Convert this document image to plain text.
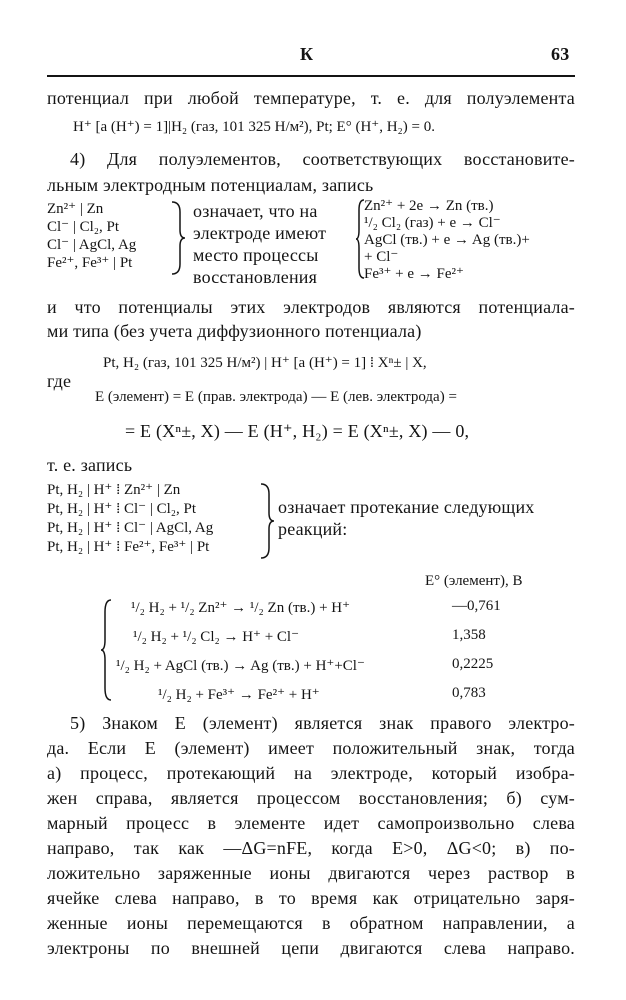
К	63
потенциал при любой температуре, т. е. для полуэлемента
H⁺ [a (H⁺) = 1]|H₂ (газ, 101 325 Н/м²), Pt; E° (H⁺, H₂) = 0.
4) Для полуэлементов, соответствующих восстановите-
льным электродным потенциалам, запись
Zn²⁺ | Zn
Cl⁻ | Cl₂, Pt
Cl⁻ | AgCl, Ag
Fe²⁺, Fe³⁺ | Pt
означает, что на
электроде имеют
место процессы
восстановления
Zn²⁺ + 2e → Zn (тв.)
¹/₂ Cl₂ (газ) + e → Cl⁻
AgCl (тв.) + e → Ag (тв.)+
+ Cl⁻
Fe³⁺ + e → Fe²⁺
и что потенциалы этих электродов являются потенциала-
ми типа (без учета диффузионного потенциала)
Pt, H₂ (газ, 101 325 Н/м²) | H⁺ [a (H⁺) = 1] ⁞ Xⁿ± | X,
где
E (элемент) = E (прав. электрода) — E (лев. электрода) =
= E (Xⁿ±, X) — E (H⁺, H₂) = E (Xⁿ±, X) — 0,
т. е. запись
Pt, H₂ | H⁺ ⁞ Zn²⁺ | Zn
Pt, H₂ | H⁺ ⁞ Cl⁻ | Cl₂, Pt
Pt, H₂ | H⁺ ⁞ Cl⁻ | AgCl, Ag
Pt, H₂ | H⁺ ⁞ Fe²⁺, Fe³⁺ | Pt
означает протекание следующих
реакций:
E° (элемент), В
¹/₂ H₂ + ¹/₂ Zn²⁺ → ¹/₂ Zn (тв.) + H⁺	—0,761
¹/₂ H₂ + ¹/₂ Cl₂ → H⁺ + Cl⁻	1,358
¹/₂ H₂ + AgCl (тв.) → Ag (тв.) + H⁺+Cl⁻	0,2225
¹/₂ H₂ + Fe³⁺ → Fe²⁺ + H⁺	0,783
5) Знаком E (элемент) является знак правого электро-
да. Если E (элемент) имеет положительный знак, тогда
а) процесс, протекающий на электроде, который изобра-
жен справа, является процессом восстановления; б) сум-
марный процесс в элементе идет самопроизвольно слева
направо, так как —ΔG=nFE, когда E>0, ΔG<0; в) по-
ложительно заряженные ионы двигаются через раствор в
ячейке слева направо, в то время как отрицательно заря-
женные ионы перемещаются в обратном направлении, а
электроны по внешней цепи двигаются слева направо.
